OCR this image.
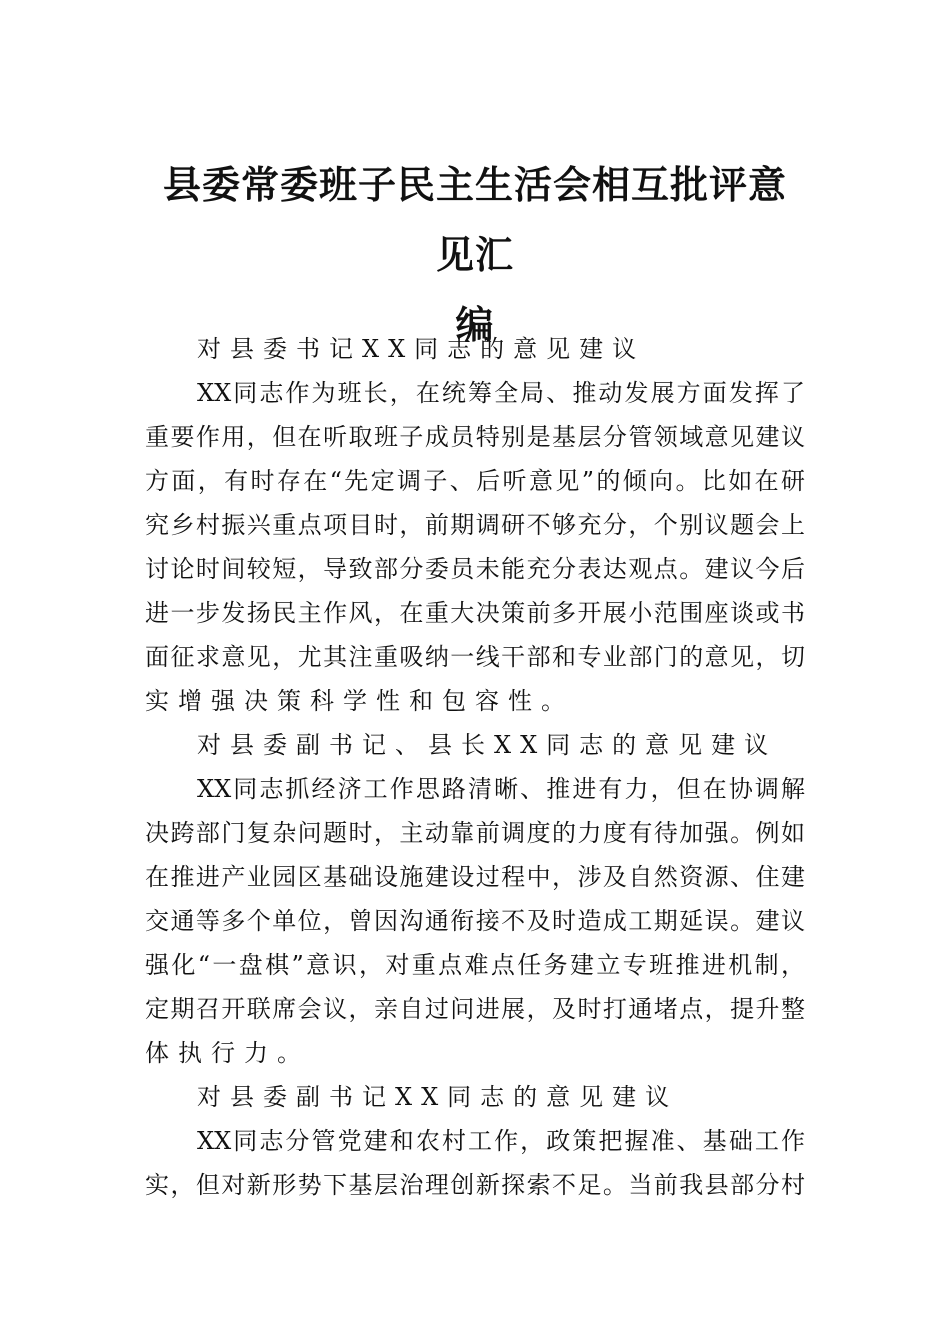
县委常委班子民主生活会相互批评意见汇
编
对县委书记XX同志的意见建议
XX同志作为班长，在统筹全局、推动发展方面发挥了
重要作用，但在听取班子成员特别是基层分管领域意见建议
方面，有时存在“先定调子、后听意见”的倾向。比如在研
究乡村振兴重点项目时，前期调研不够充分，个别议题会上
讨论时间较短，导致部分委员未能充分表达观点。建议今后
进一步发扬民主作风，在重大决策前多开展小范围座谈或书
面征求意见，尤其注重吸纳一线干部和专业部门的意见，切
实增强决策科学性和包容性。
对县委副书记、县长XX同志的意见建议
XX同志抓经济工作思路清晰、推进有力，但在协调解
决跨部门复杂问题时，主动靠前调度的力度有待加强。例如
在推进产业园区基础设施建设过程中，涉及自然资源、住建
交通等多个单位，曾因沟通衔接不及时造成工期延误。建议
强化“一盘棋”意识，对重点难点任务建立专班推进机制，
定期召开联席会议，亲自过问进展，及时打通堵点，提升整
体执行力。
对县委副书记XX同志的意见建议
XX同志分管党建和农村工作，政策把握准、基础工作
实，但对新形势下基层治理创新探索不足。当前我县部分村
